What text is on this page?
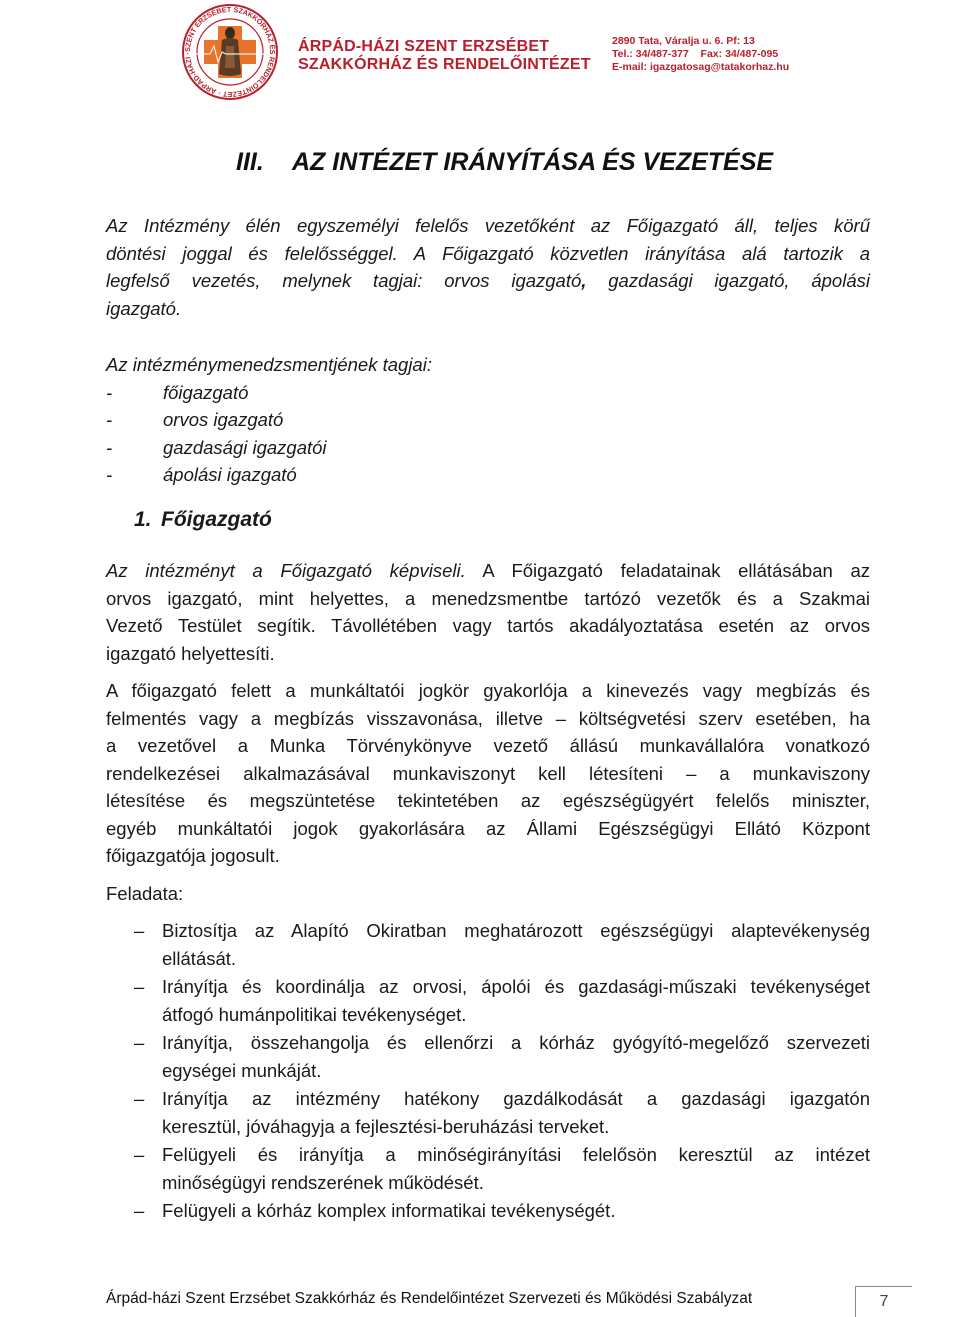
SZENT ERZSÉBET SZAKKÓRHÁZ ÉS RENDELŐINTÉZET · ÁRPÁD-HÁZI ·	ÁRPÁD-HÁZI SZENT ERZSÉBET
SZAKKÓRHÁZ ÉS RENDELŐINTÉZET
2890 Tata, Váralja u. 6. Pf: 13
Tel.: 34/487-377 Fax: 34/487-095
E-mail: igazgatosag@tatakorhaz.hu
III. AZ INTÉZET IRÁNYÍTÁSA ÉS VEZETÉSE
Az Intézmény élén egyszemélyi felelős vezetőként az Főigazgató áll, teljes körű
döntési joggal és felelősséggel. A Főigazgató közvetlen irányítása alá tartozik a
legfelső vezetés, melynek tagjai: orvos igazgató, gazdasági igazgató, ápolási
igazgató.
Az intézménymenedzsmentjének tagjai:
-	főigazgató
-	orvos igazgató
-	gazdasági igazgatói
-	ápolási igazgató
1. Főigazgató
Az intézményt a Főigazgató képviseli. A Főigazgató feladatainak ellátásában az
orvos igazgató, mint helyettes, a menedzsmentbe tartózó vezetők és a Szakmai
Vezető Testület segítik. Távollétében vagy tartós akadályoztatása esetén az orvos
igazgató helyettesíti.
A főigazgató felett a munkáltatói jogkör gyakorlója a kinevezés vagy megbízás és
felmentés vagy a megbízás visszavonása, illetve – költségvetési szerv esetében, ha
a vezetővel a Munka Törvénykönyve vezető állású munkavállalóra vonatkozó
rendelkezései alkalmazásával munkaviszonyt kell létesíteni – a munkaviszony
létesítése és megszüntetése tekintetében az egészségügyért felelős miniszter,
egyéb munkáltatói jogok gyakorlására az Állami Egészségügyi Ellátó Központ
főigazgatója jogosult.
Feladata:
– Biztosítja az Alapító Okiratban meghatározott egészségügyi alaptevékenység
ellátását.
– Irányítja és koordinálja az orvosi, ápolói és gazdasági-műszaki tevékenységet
átfogó humánpolitikai tevékenységet.
– Irányítja, összehangolja és ellenőrzi a kórház gyógyító-megelőző szervezeti
egységei munkáját.
– Irányítja az intézmény hatékony gazdálkodását a gazdasági igazgatón
keresztül, jóváhagyja a fejlesztési-beruházási terveket.
– Felügyeli és irányítja a minőségirányítási felelősön keresztül az intézet
minőségügyi rendszerének működését.
– Felügyeli a kórház komplex informatikai tevékenységét.
Árpád-házi Szent Erzsébet Szakkórház és Rendelőintézet Szervezeti és Működési Szabályzat	7
